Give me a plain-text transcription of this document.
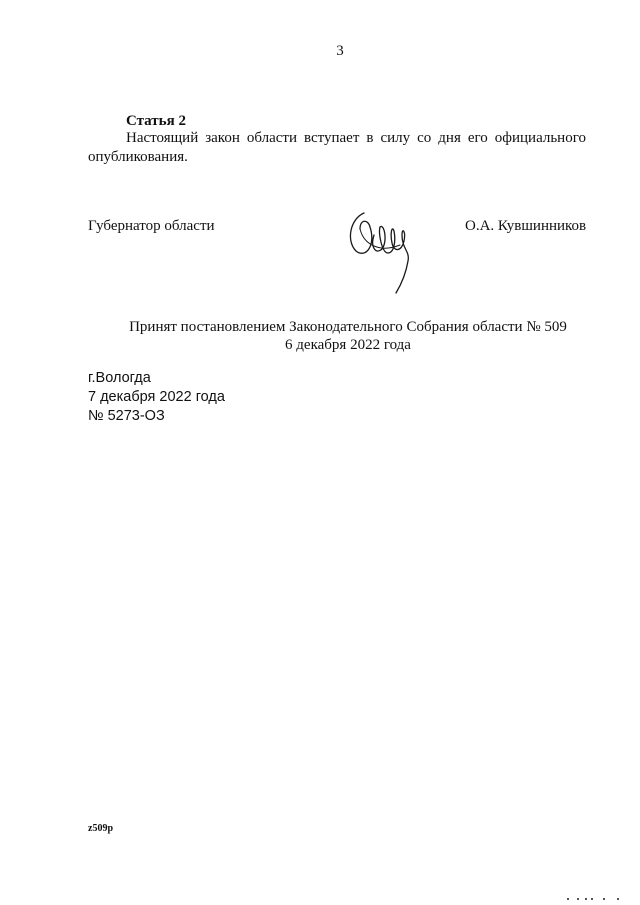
3
Статья 2
Настоящий закон области вступает в силу со дня его официального опубликования.
Губернатор области	О.А. Кувшинников
Принят постановлением Законодательного Собрания области № 509
6 декабря 2022 года
г.Вологда
7 декабря 2022 года
№ 5273-ОЗ
z509p
